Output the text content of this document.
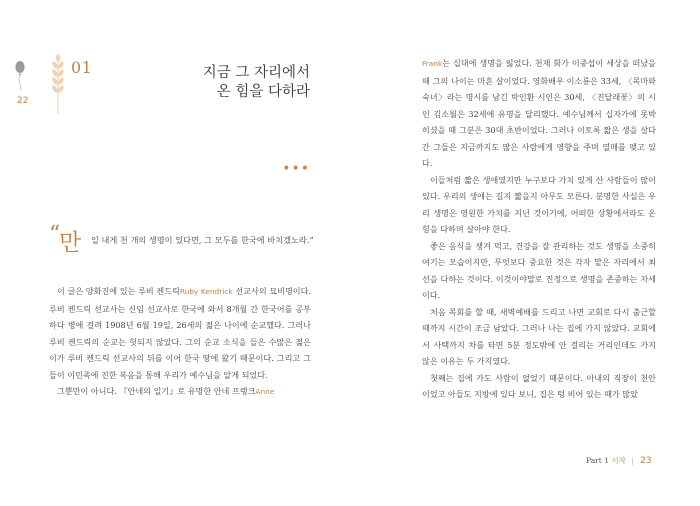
22
01	지금 그 자리에서
온 힘을 다하라
•••
“
만 일 내게 천 개의 생명이 있다면, 그 모두를 한국에 바치겠노라.”

이 글은 양화진에 있는 루비 켄드릭Ruby Kendrick 선교사의 묘비명이다. 루비 켄드릭 선교사는 신임 선교사로 한국에 와서 8개월 간 한국어를 공부하다 병에 걸려 1908년 6월 19일, 26세의 젊은 나이에 순교했다. 그러나 루비 켄드릭의 순교는 헛되지 않았다. 그의 순교 소식을 들은 수많은 젊은이가 루비 켄드릭 선교사의 뒤를 이어 한국 땅에 왔기 때문이다. 그리고 그들이 이민족에 진한 복음을 통해 우리가 예수님을 알게 되었다.

그뿐만이 아니다. 『안네의 일기』로 유명한 안네 프랭크Anne

Frank는 십대에 생명을 잃었다. 천재 화가 이중섭이 세상을 떠났을 때 그의 나이는 마흔 살이었다. 영화배우 이소룡은 33세, 〈목마와 숙녀〉라는 명시를 남긴 박인환 시인은 30세, 〈진달래꽃〉의 시인 김소월은 32세에 유명을 달리했다. 예수님께서 십자가에 못박히셨을 때 그분은 30대 초반이었다. 그러나 이토록 짧은 생을 살다 간 그들은 지금까지도 많은 사람에게 영향을 주며 열매를 맺고 있다.

이들처럼 짧은 생애였지만 누구보다 가치 있게 산 사람들이 많이 있다. 우리의 생애는 길지 짧을지 아무도 모른다. 분명한 사실은 우리 생명은 영원한 가치를 지닌 것이기에, 어떠한 상황에서라도 온 힘을 다하며 살아야 한다.

좋은 음식을 챙겨 먹고, 건강을 잘 관리하는 것도 생명을 소중히 여기는 모습이지만, 무엇보다 중요한 것은 각자 맡은 자리에서 최선을 다하는 것이다. 이것이야말로 진정으로 생명을 존중하는 자세이다.

처음 목회를 할 때, 새벽예배를 드리고 나면 교회로 다시 출근할 때까지 시간이 조금 남았다. 그러나 나는 집에 가지 않았다. 교회에서 사택까지 차를 타면 5분 정도밖에 안 걸리는 거리인데도 가지 않은 이유는 두 가지였다.

첫째는 집에 가도 사람이 없었기 때문이다. 아내의 직장이 천안이었고 아들도 지방에 있다 보니, 집은 텅 비어 있는 때가 많았

Part 1 시작 | 23
